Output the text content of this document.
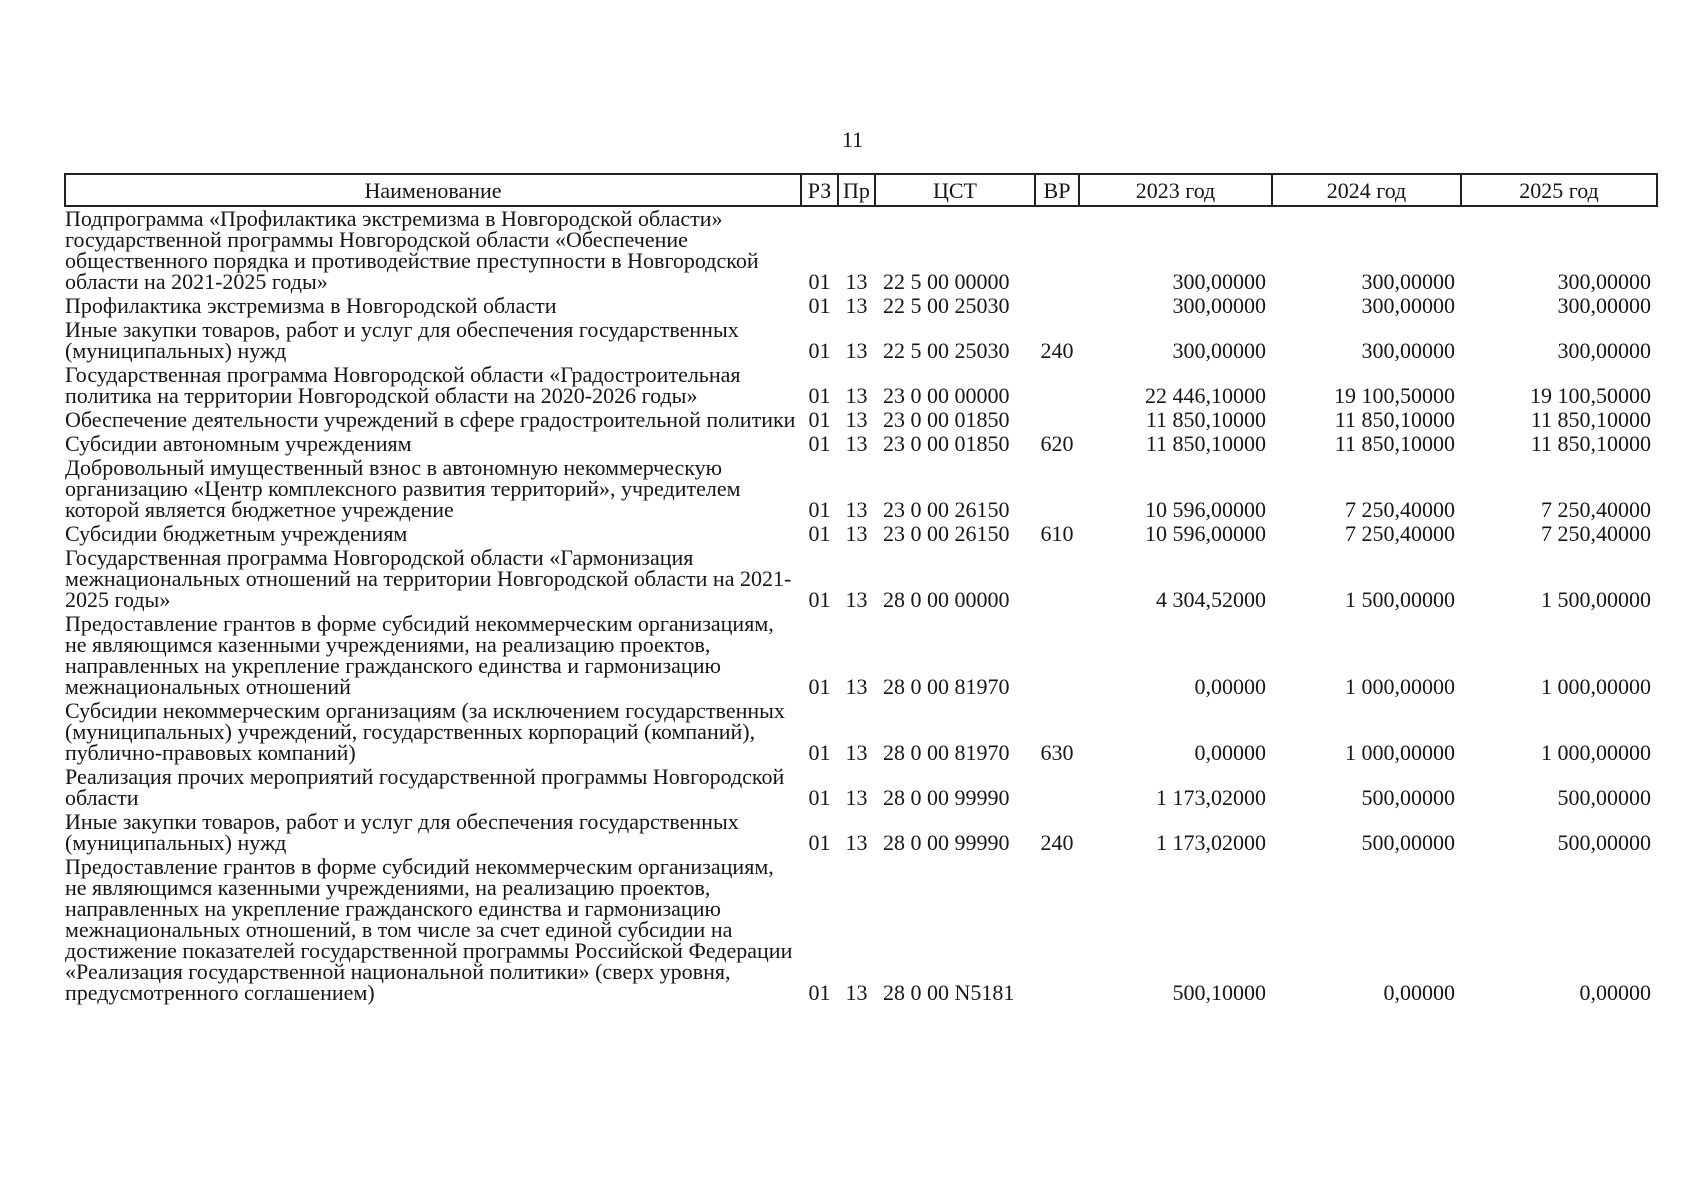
11
Наименование	РЗ	Пр	ЦСТ	ВР	2023 год	2024 год	2025 год
Подпрограмма «Профилактика экстремизма в Новгородской области» государственной программы Новгородской области «Обеспечение общественного порядка и противодействие преступности в Новгородской области на 2021-2025 годы»	01	13	22 5 00 00000		300,00000	300,00000	300,00000
Профилактика экстремизма в Новгородской области	01	13	22 5 00 25030		300,00000	300,00000	300,00000
Иные закупки товаров, работ и услуг для обеспечения государственных (муниципальных) нужд	01	13	22 5 00 25030	240	300,00000	300,00000	300,00000
Государственная программа Новгородской области «Градостроительная политика на территории Новгородской области на 2020-2026 годы»	01	13	23 0 00 00000		22 446,10000	19 100,50000	19 100,50000
Обеспечение деятельности учреждений в сфере градостроительной политики	01	13	23 0 00 01850		11 850,10000	11 850,10000	11 850,10000
Субсидии автономным учреждениям	01	13	23 0 00 01850	620	11 850,10000	11 850,10000	11 850,10000
Добровольный имущественный взнос в автономную некоммерческую организацию «Центр комплексного развития территорий», учредителем которой является бюджетное учреждение	01	13	23 0 00 26150		10 596,00000	7 250,40000	7 250,40000
Субсидии бюджетным учреждениям	01	13	23 0 00 26150	610	10 596,00000	7 250,40000	7 250,40000
Государственная программа Новгородской области «Гармонизация межнациональных отношений на территории Новгородской области на 2021-2025 годы»	01	13	28 0 00 00000		4 304,52000	1 500,00000	1 500,00000
Предоставление грантов в форме субсидий некоммерческим организациям, не являющимся казенными учреждениями, на реализацию проектов, направленных на укрепление гражданского единства и гармонизацию межнациональных отношений	01	13	28 0 00 81970		0,00000	1 000,00000	1 000,00000
Субсидии некоммерческим организациям (за исключением государственных (муниципальных) учреждений, государственных корпораций (компаний), публично-правовых компаний)	01	13	28 0 00 81970	630	0,00000	1 000,00000	1 000,00000
Реализация прочих мероприятий государственной программы Новгородской области	01	13	28 0 00 99990		1 173,02000	500,00000	500,00000
Иные закупки товаров, работ и услуг для обеспечения государственных (муниципальных) нужд	01	13	28 0 00 99990	240	1 173,02000	500,00000	500,00000
Предоставление грантов в форме субсидий некоммерческим организациям, не являющимся казенными учреждениями, на реализацию проектов, направленных на укрепление гражданского единства и гармонизацию межнациональных отношений, в том числе за счет единой субсидии на достижение показателей государственной программы Российской Федерации «Реализация государственной национальной политики» (сверх уровня, предусмотренного соглашением)	01	13	28 0 00 N5181		500,10000	0,00000	0,00000
